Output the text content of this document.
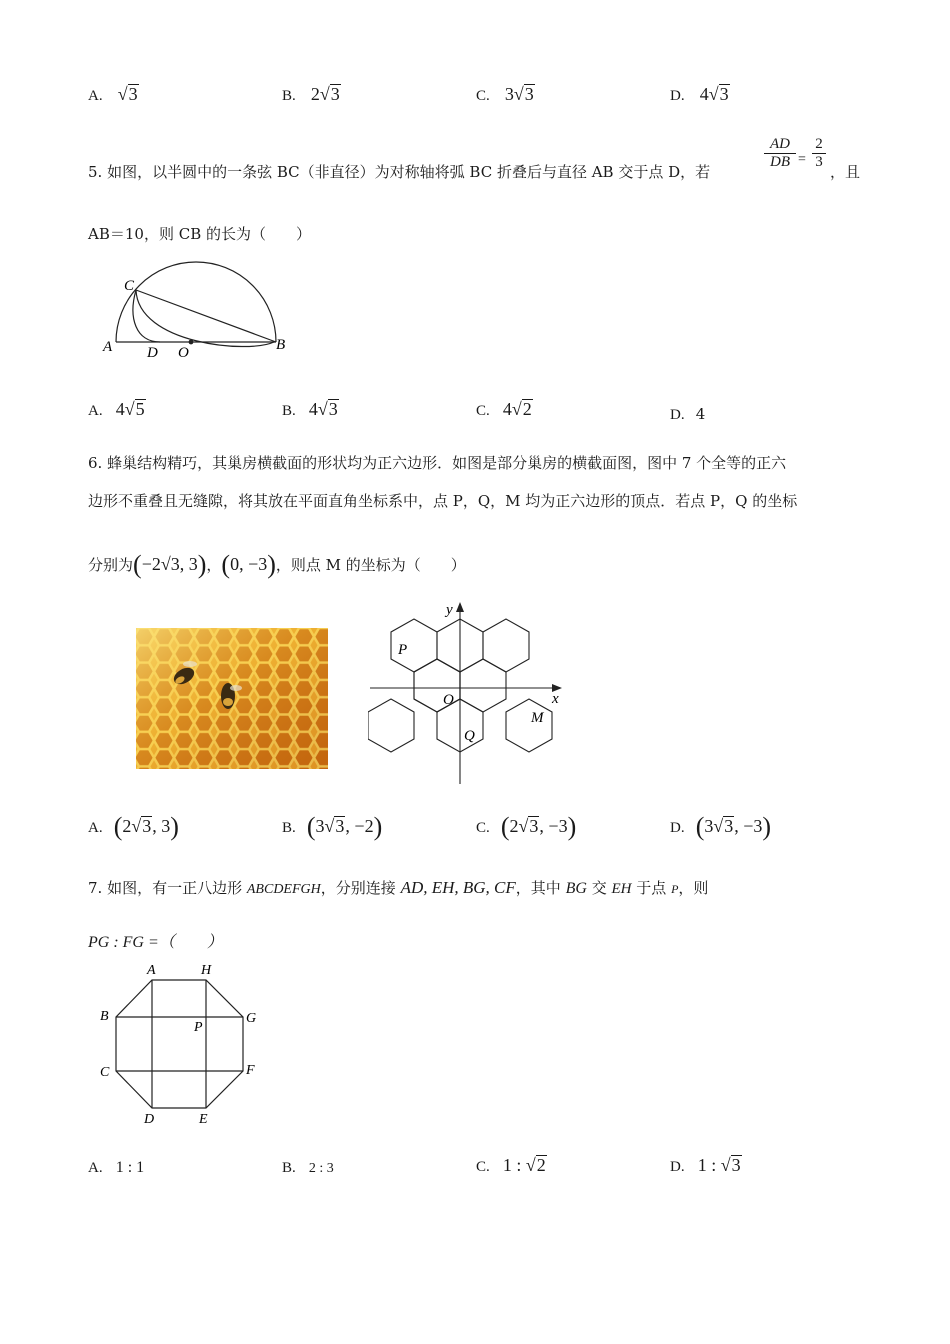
A. √3	B. 2√3	C. 3√3	D. 4√3
5. 如图，以半圆中的一条弦 BC（非直径）为对称轴将弧 BC 折叠后与直径 AB 交于点 D，若
AD
DB =
2
3
，且
AB＝10，则 CB 的长为（　　）
C
A D O	B
A. 4√5	B. 4√3	C. 4√2	D. 4
6. 蜂巢结构精巧，其巢房横截面的形状均为正六边形．如图是部分巢房的横截面图，图中 7 个全等的正六
边形不重叠且无缝隙，将其放在平面直角坐标系中，点 P，Q，M 均为正六边形的顶点．若点 P，Q 的坐标
分别为(−2√3, 3)，(0, −3)，则点 M 的坐标为（　　）
y
x
P
O
M
Q
A. (2√3, 3)	B. (3√3, −2)	C. (2√3, −3)	D. (3√3, −3)
7. 如图，有一正八边形 ABCDEFGH，分别连接 AD, EH, BG, CF，其中 BG 交 EH 于点 P，则
PG : FG =（　　）
A	H
B	G
P
C	F
D	E
A. 1 : 1	B. 2 : 3	C. 1 : √2	D. 1 : √3
